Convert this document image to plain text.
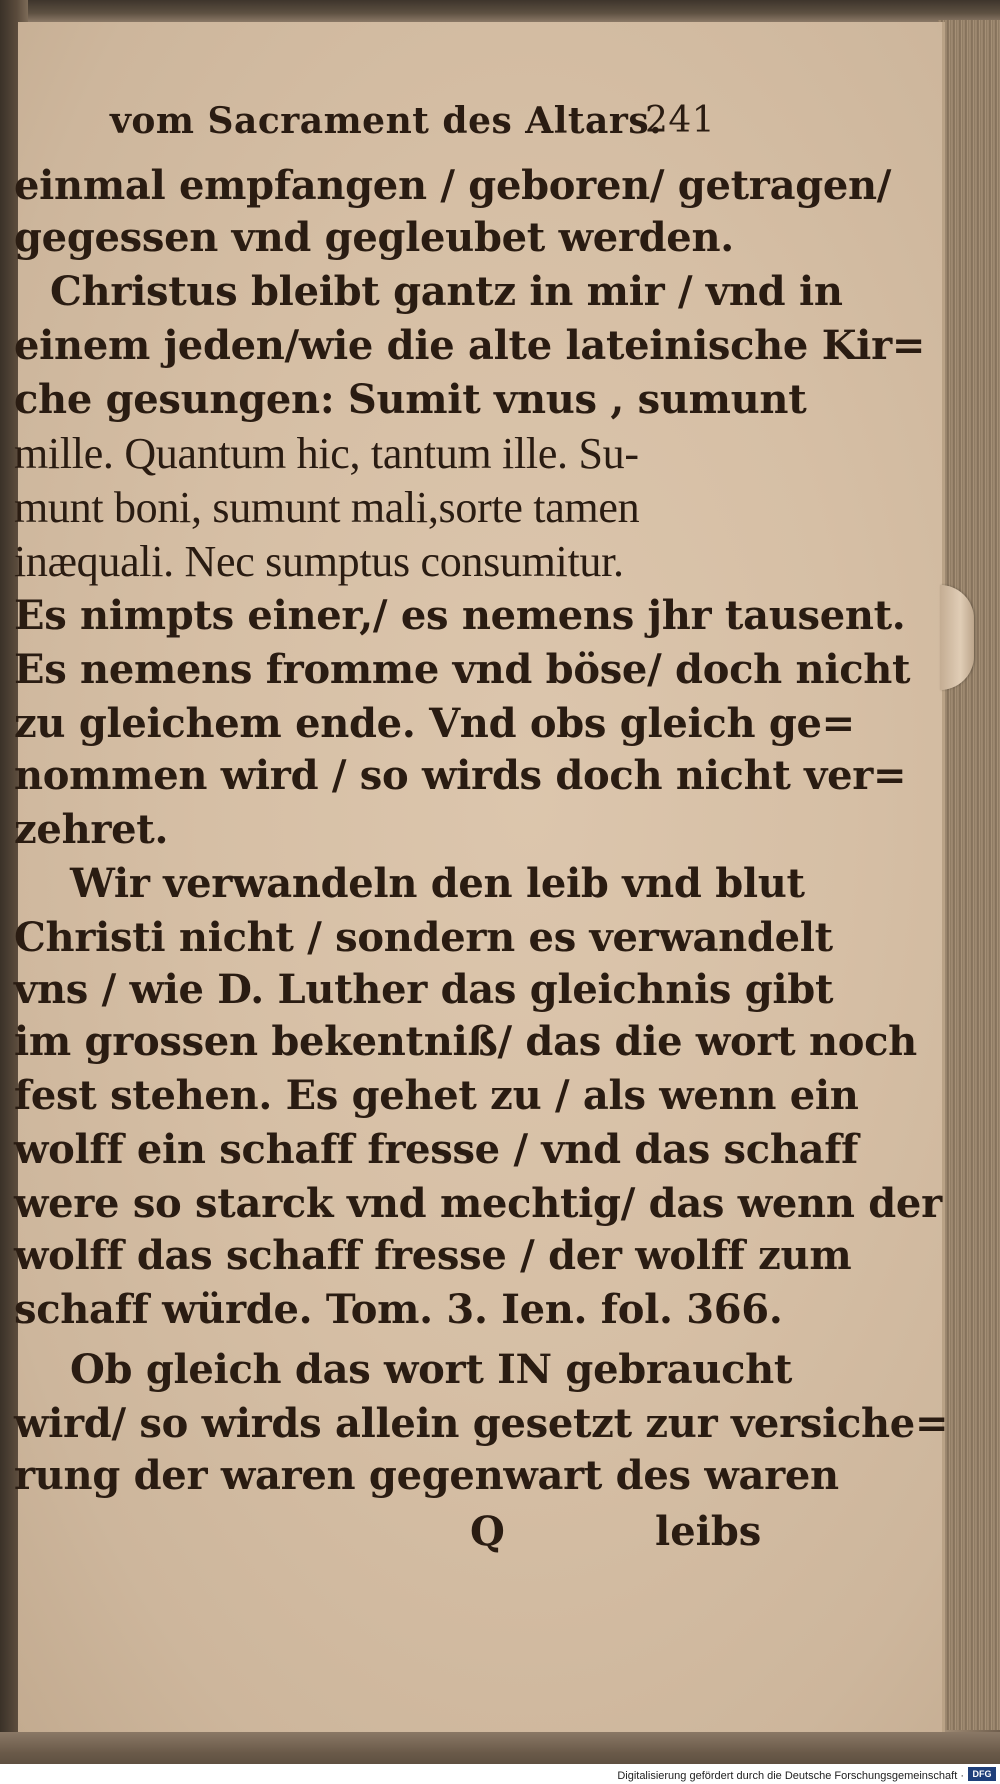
vom Sacrament des Altars.
241
einmal empfangen / geboren/ getragen/
gegessen vnd gegleubet werden.
Christus bleibt gantz in mir / vnd in
einem jeden/wie die alte lateinische Kir=
che gesungen: Sumit vnus , sumunt
mille. Quantum hic, tantum ille. Su-
munt boni, sumunt mali,sorte tamen
inæquali. Nec sumptus consumitur.
Es nimpts einer,/ es nemens jhr tausent.
Es nemens fromme vnd böse/ doch nicht
zu gleichem ende. Vnd obs gleich ge=
nommen wird / so wirds doch nicht ver=
zehret.
Wir verwandeln den leib vnd blut
Christi nicht / sondern es verwandelt
vns / wie D. Luther das gleichnis gibt
im grossen bekentniß/ das die wort noch
fest stehen. Es gehet zu / als wenn ein
wolff ein schaff fresse / vnd das schaff
were so starck vnd mechtig/ das wenn der
wolff das schaff fresse / der wolff zum
schaff würde. Tom. 3. Ien. fol. 366.
Ob gleich das wort IN gebraucht
wird/ so wirds allein gesetzt zur versiche=
rung der waren gegenwart des waren
Q	leibs
Digitalisierung gefördert durch die Deutsche Forschungsgemeinschaft · DFG
